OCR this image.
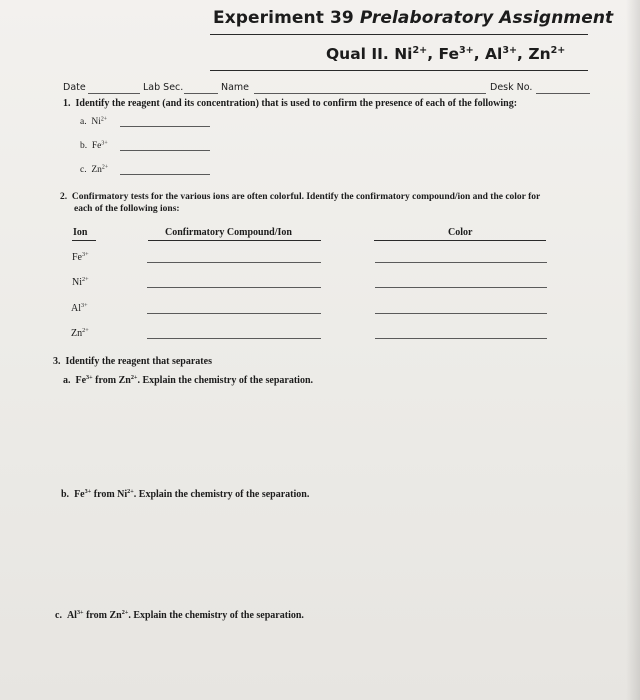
Experiment 39 Prelaboratory Assignment
Qual II. $Ni^{2+}$, $Fe^{3+}$, $Al^{3+}$, $Zn^{2+}$
Date	Lab Sec.	Name	Desk No.
1. Identify the reagent (and its concentration) that is used to confirm the presence of each of the following:
a. $Ni^{2+}$
b. $Fe^{3+}$
c. $Zn^{2+}$
2. Confirmatory tests for the various ions are often colorful. Identify the confirmatory compound/ion and the color for
each of the following ions:
Ion	Confirmatory Compound/Ion	Color
$Fe^{3+}$
$Ni^{2+}$
$Al^{3+}$
$Zn^{2+}$
3. Identify the reagent that separates
a. $Fe^{3+}$ from $Zn^{2+}$. Explain the chemistry of the separation.
b. $Fe^{3+}$ from $Ni^{2+}$. Explain the chemistry of the separation.
c. $Al^{3+}$ from $Zn^{2+}$. Explain the chemistry of the separation.
